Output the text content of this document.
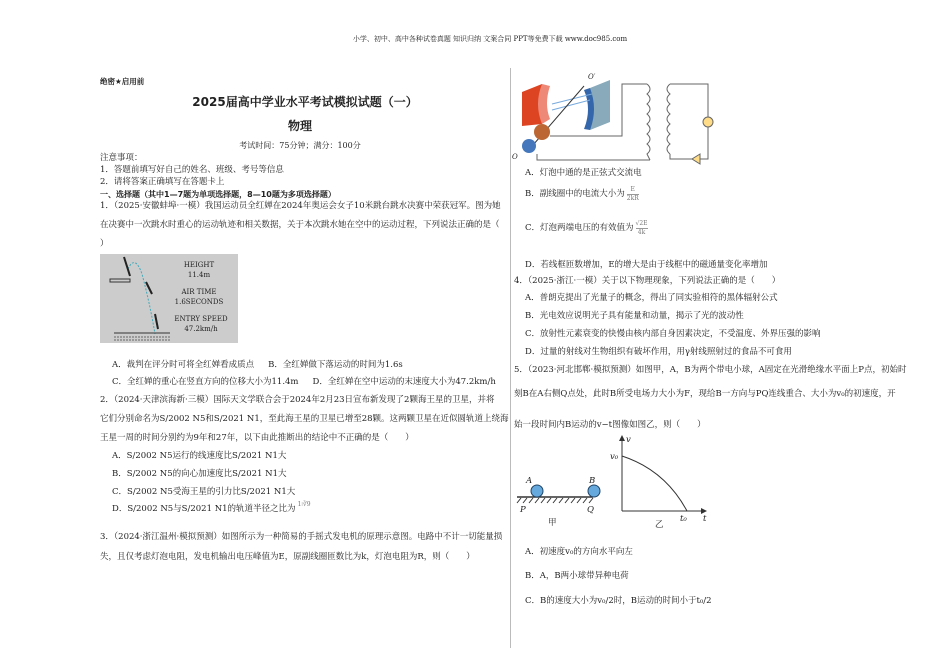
小学、初中、高中各种试卷真题 知识归纳 文案合同 PPT等免费下载 www.doc985.com
绝密★启用前
2025届高中学业水平考试模拟试题（一）
物理
考试时间：75分钟；满分：100分
注意事项：
1．答题前填写好自己的姓名、班级、考号等信息
2．请将答案正确填写在答题卡上
一、选择题（其中1—7题为单项选择题，8—10题为多项选择题）
1．（2025·安徽蚌埠·一模）我国运动员全红婵在2024年奥运会女子10米跳台跳水决赛中荣获冠军。图为她
在决赛中一次跳水时重心的运动轨迹和相关数据，关于本次跳水她在空中的运动过程，下列说法正确的是（
）
HEIGHT
11.4m
AIR TIME
1.6SECONDS
ENTRY SPEED
47.2km/h
A．裁判在评分时可将全红婵看成质点 B．全红婵做下落运动的时间为1.6s
C．全红婵的重心在竖直方向的位移大小为11.4m D．全红婵在空中运动的末速度大小为47.2km/h
2．（2024·天津滨海新·三模）国际天文学联合会于2024年2月23日宣布新发现了2颗海王星的卫星，并将
它们分别命名为S/2002 N5和S/2021 N1，至此海王星的卫星已增至28颗。这两颗卫星在近似圆轨道上绕海
王星一周的时间分别约为9年和27年，以下由此推断出的结论中不正确的是（　　）
A．S/2002 N5运行的线速度比S/2021 N1大
B．S/2002 N5的向心加速度比S/2021 N1大
C．S/2002 N5受海王星的引力比S/2021 N1大
D．S/2002 N5与S/2021 N1的轨道半径之比为 1∶∛9
3．（2024·浙江温州·模拟预测）如图所示为一种简易的手摇式发电机的原理示意图。电路中不计一切能量损
失，且仅考虑灯泡电阻，发电机输出电压峰值为E，原副线圈匝数比为k，灯泡电阻为R，则（　　）
O′
O
A．灯泡中通的是正弦式交流电
B．副线圈中的电流大小为 $\frac{E}{2kR}$
C．灯泡两端电压的有效值为 $\frac{√2E}{4k}$
D．若线框匝数增加，E的增大是由于线框中的磁通量变化率增加
4．（2025·浙江·一模）关于以下物理现象，下列说法正确的是（　　）
A．普朗克提出了光量子的概念，得出了同实验相符的黑体辐射公式
B．光电效应说明光子具有能量和动量，揭示了光的波动性
C．放射性元素衰变的快慢由核内部自身因素决定，不受温度、外界压强的影响
D．过量的射线对生物组织有破坏作用，用γ射线照射过的食品不可食用
5．（2023·河北邯郸·模拟预测）如图甲，A，B为两个带电小球，A固定在光滑绝缘水平面上P点，初始时
刻B在A右侧Q点处，此时B所受电场力大小为F，现给B一方向与PQ连线重合、大小为v₀的初速度，开
始一段时间内B运动的v−t图像如图乙，则（　　）
A	B
P	Q
甲	乙
v
v₀
t
t₀
A．初速度v₀的方向水平向左
B．A，B两小球带异种电荷
C．B的速度大小为v₀/2时，B运动的时间小于t₀/2
